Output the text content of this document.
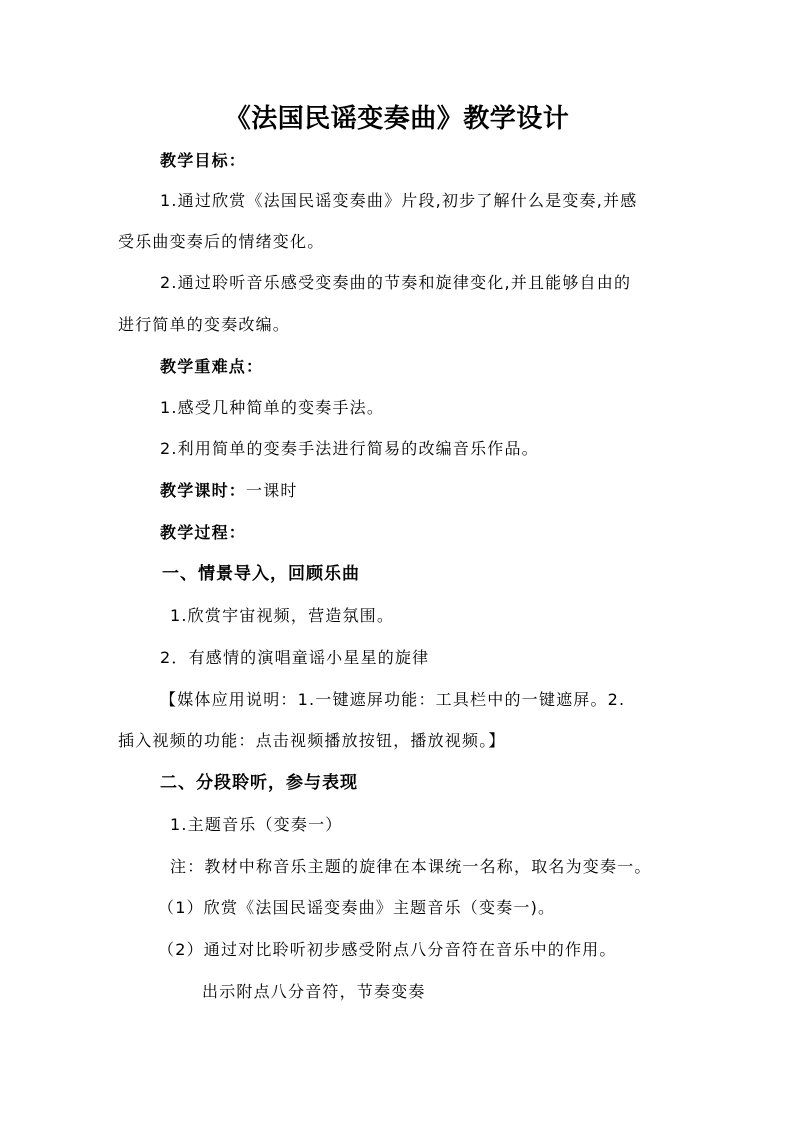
《法国民谣变奏曲》教学设计
教学目标：
1.通过欣赏《法国民谣变奏曲》片段,初步了解什么是变奏,并感
受乐曲变奏后的情绪变化。
2.通过聆听音乐感受变奏曲的节奏和旋律变化,并且能够自由的
进行简单的变奏改编。
教学重难点：
1.感受几种简单的变奏手法。
2.利用简单的变奏手法进行简易的改编音乐作品。
教学课时：一课时
教学过程：
一、情景导入，回顾乐曲
1.欣赏宇宙视频，营造氛围。
2．有感情的演唱童谣小星星的旋律
【媒体应用说明：1.一键遮屏功能：工具栏中的一键遮屏。2.
插入视频的功能：点击视频播放按钮，播放视频。】
二、分段聆听，参与表现
1.主题音乐（变奏一）
注：教材中称音乐主题的旋律在本课统一名称，取名为变奏一。
（1）欣赏《法国民谣变奏曲》主题音乐（变奏一)。
（2）通过对比聆听初步感受附点八分音符在音乐中的作用。
出示附点八分音符，节奏变奏
